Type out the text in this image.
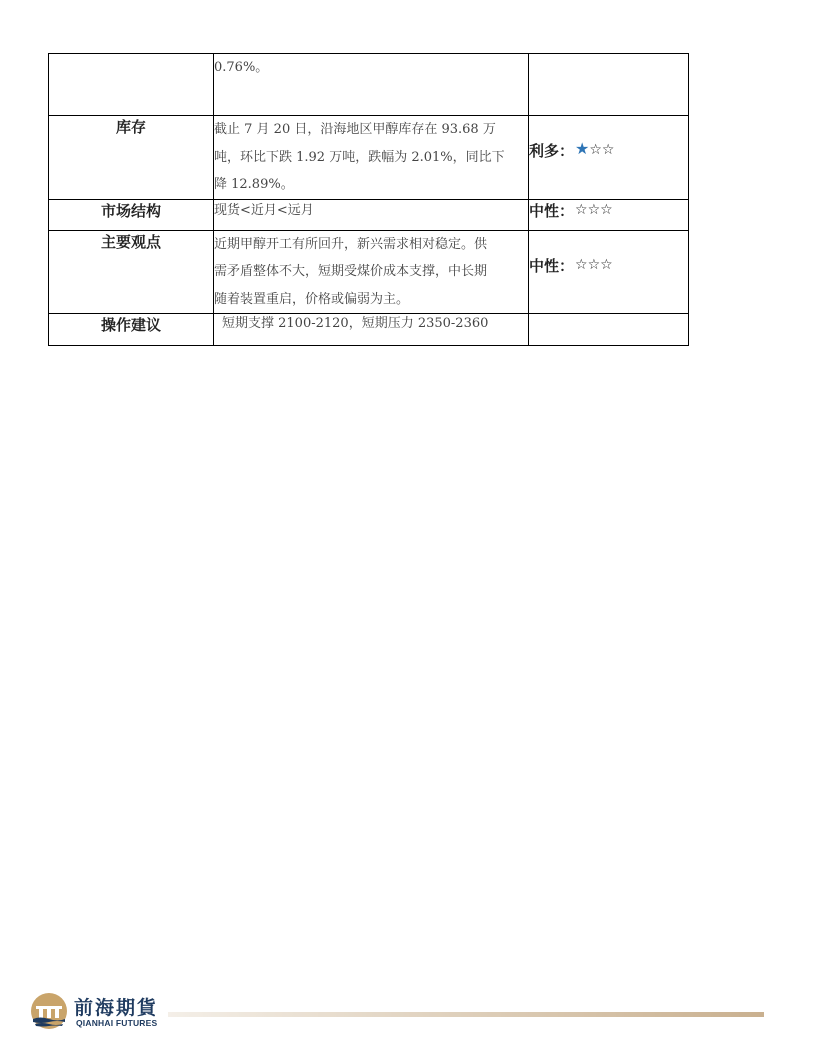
	0.76%。	

库存	截止 7 月 20 日，沿海地区甲醇库存在 93.68 万
吨，环比下跌 1.92 万吨，跌幅为 2.01%，同比下
降 12.89%。	利多：★☆☆
市场结构	现货<近月<远月	中性：☆☆☆
主要观点	近期甲醇开工有所回升，新兴需求相对稳定。供
需矛盾整体不大，短期受煤价成本支撑，中长期
随着装置重启，价格或偏弱为主。	中性：☆☆☆
操作建议	短期支撑 2100-2120，短期压力 2350-2360	

前海期貨
QIANHAI FUTURES
